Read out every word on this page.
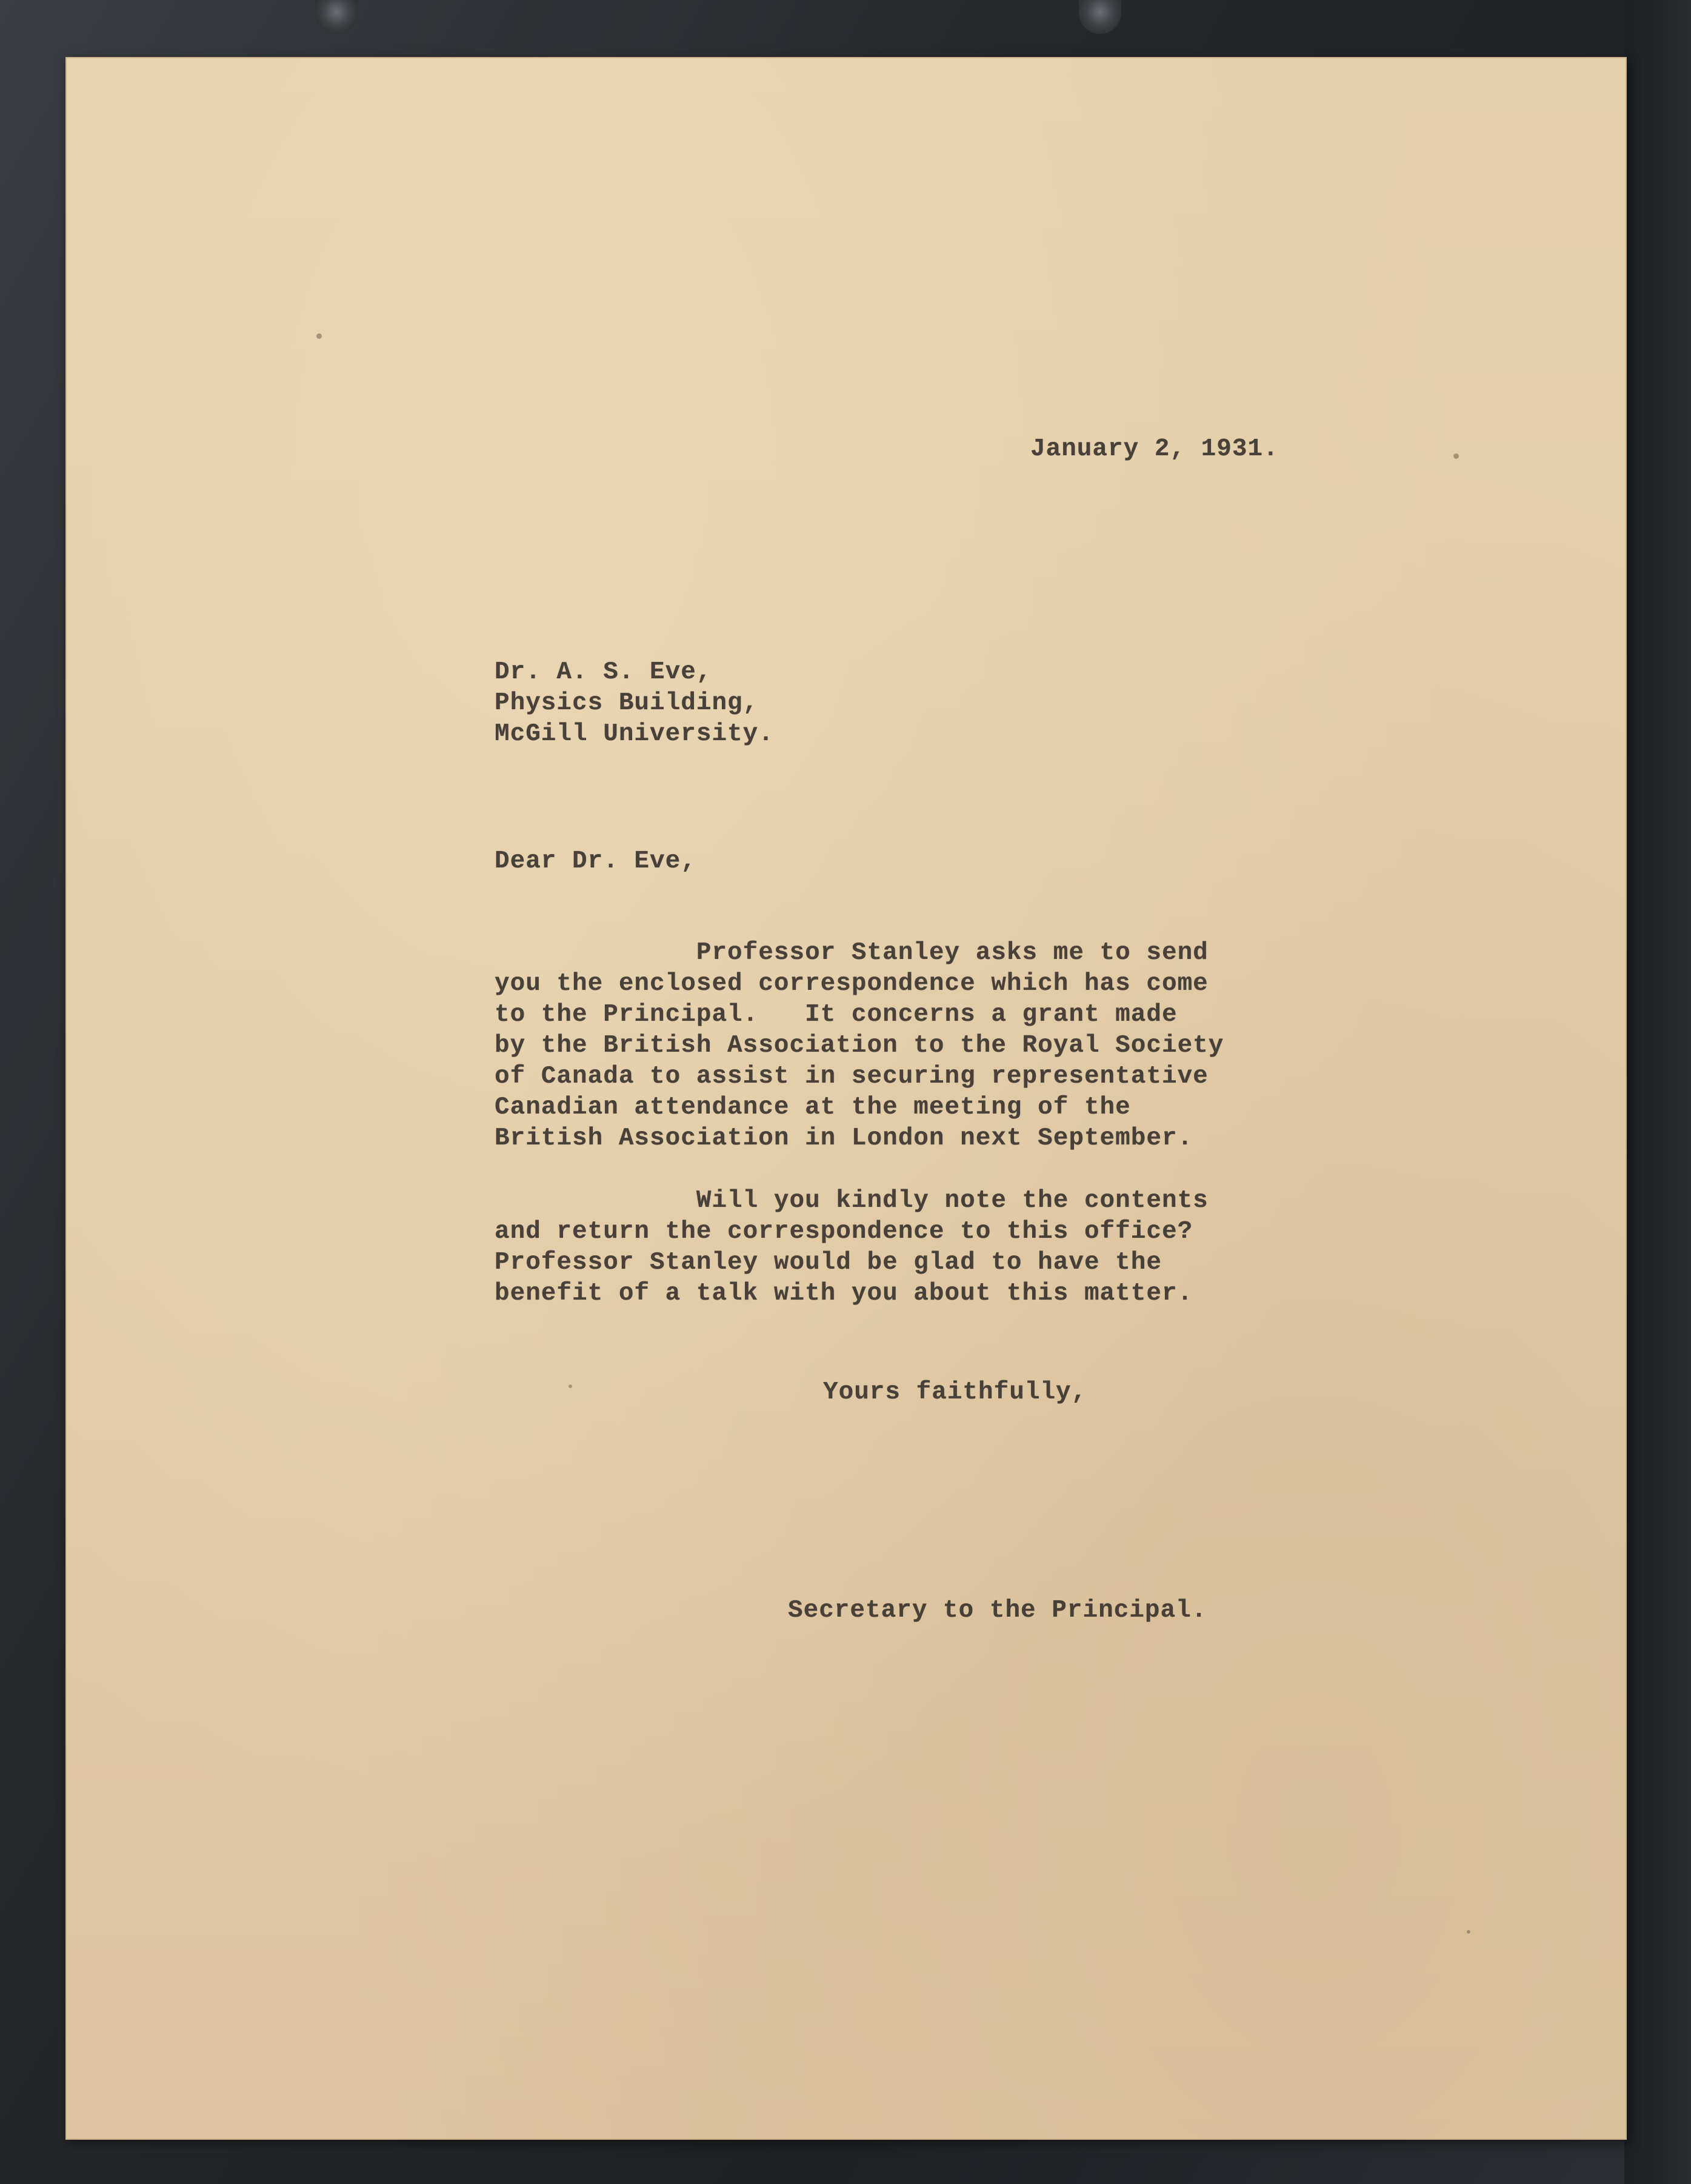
January 2, 1931.
Dr. A. S. Eve,
Physics Building,
McGill University.
Dear Dr. Eve,
Professor Stanley asks me to send
you the enclosed correspondence which has come
to the Principal.   It concerns a grant made
by the British Association to the Royal Society
of Canada to assist in securing representative
Canadian attendance at the meeting of the
British Association in London next September.
Will you kindly note the contents
and return the correspondence to this office?
Professor Stanley would be glad to have the
benefit of a talk with you about this matter.
Yours faithfully,
Secretary to the Principal.
